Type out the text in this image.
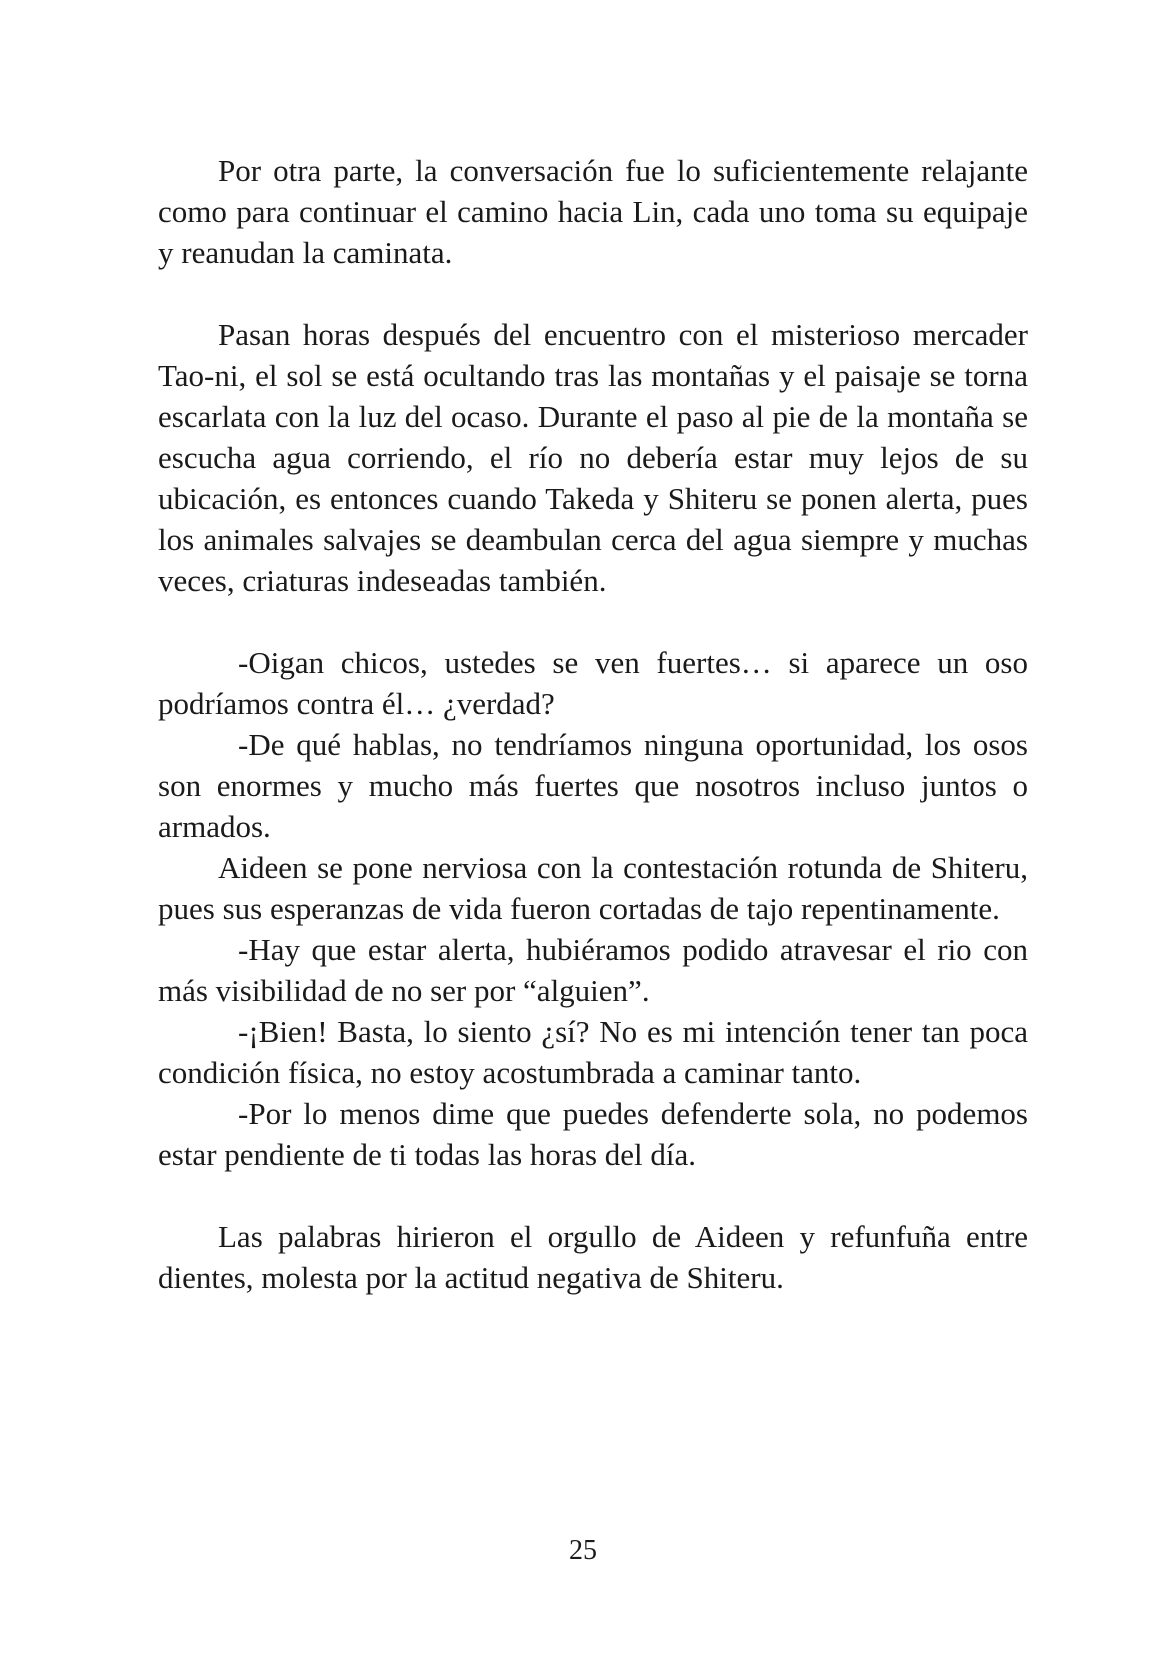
Por otra parte, la conversación fue lo suficientemente relajante como para continuar el camino hacia Lin, cada uno toma su equipaje y reanudan la caminata.

Pasan horas después del encuentro con el misterioso mercader Tao-ni, el sol se está ocultando tras las montañas y el paisaje se torna escarlata con la luz del ocaso. Durante el paso al pie de la montaña se escucha agua corriendo, el río no debería estar muy lejos de su ubicación, es entonces cuando Takeda y Shiteru se ponen alerta, pues los animales salvajes se deambulan cerca del agua siempre y muchas veces, criaturas indeseadas también.

-Oigan chicos, ustedes se ven fuertes… si aparece un oso podríamos contra él… ¿verdad?

-De qué hablas, no tendríamos ninguna oportunidad, los osos son enormes y mucho más fuertes que nosotros incluso juntos o armados.

Aideen se pone nerviosa con la contestación rotunda de Shiteru, pues sus esperanzas de vida fueron cortadas de tajo repentinamente.

-Hay que estar alerta, hubiéramos podido atravesar el rio con más visibilidad de no ser por “alguien”.

-¡Bien! Basta, lo siento ¿sí? No es mi intención tener tan poca condición física, no estoy acostumbrada a caminar tanto.

-Por lo menos dime que puedes defenderte sola, no podemos estar pendiente de ti todas las horas del día.

Las palabras hirieron el orgullo de Aideen y refunfuña entre dientes, molesta por la actitud negativa de Shiteru.

25
